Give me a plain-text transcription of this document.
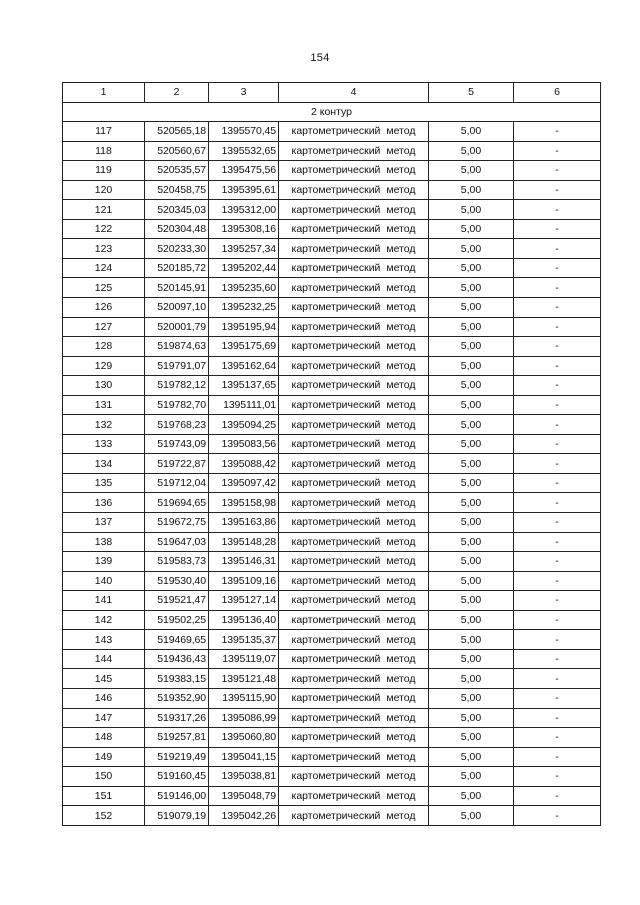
154
1	2	3	4	5	6
2 контур					
117	520565,18	1395570,45	картометрический метод	5,00	-
118	520560,67	1395532,65	картометрический метод	5,00	-
119	520535,57	1395475,56	картометрический метод	5,00	-
120	520458,75	1395395,61	картометрический метод	5,00	-
121	520345,03	1395312,00	картометрический метод	5,00	-
122	520304,48	1395308,16	картометрический метод	5,00	-
123	520233,30	1395257,34	картометрический метод	5,00	-
124	520185,72	1395202,44	картометрический метод	5,00	-
125	520145,91	1395235,60	картометрический метод	5,00	-
126	520097,10	1395232,25	картометрический метод	5,00	-
127	520001,79	1395195,94	картометрический метод	5,00	-
128	519874,63	1395175,69	картометрический метод	5,00	-
129	519791,07	1395162,64	картометрический метод	5,00	-
130	519782,12	1395137,65	картометрический метод	5,00	-
131	519782,70	1395111,01	картометрический метод	5,00	-
132	519768,23	1395094,25	картометрический метод	5,00	-
133	519743,09	1395083,56	картометрический метод	5,00	-
134	519722,87	1395088,42	картометрический метод	5,00	-
135	519712,04	1395097,42	картометрический метод	5,00	-
136	519694,65	1395158,98	картометрический метод	5,00	-
137	519672,75	1395163,86	картометрический метод	5,00	-
138	519647,03	1395148,28	картометрический метод	5,00	-
139	519583,73	1395146,31	картометрический метод	5,00	-
140	519530,40	1395109,16	картометрический метод	5,00	-
141	519521,47	1395127,14	картометрический метод	5,00	-
142	519502,25	1395136,40	картометрический метод	5,00	-
143	519469,65	1395135,37	картометрический метод	5,00	-
144	519436,43	1395119,07	картометрический метод	5,00	-
145	519383,15	1395121,48	картометрический метод	5,00	-
146	519352,90	1395115,90	картометрический метод	5,00	-
147	519317,26	1395086,99	картометрический метод	5,00	-
148	519257,81	1395060,80	картометрический метод	5,00	-
149	519219,49	1395041,15	картометрический метод	5,00	-
150	519160,45	1395038,81	картометрический метод	5,00	-
151	519146,00	1395048,79	картометрический метод	5,00	-
152	519079,19	1395042,26	картометрический метод	5,00	-
